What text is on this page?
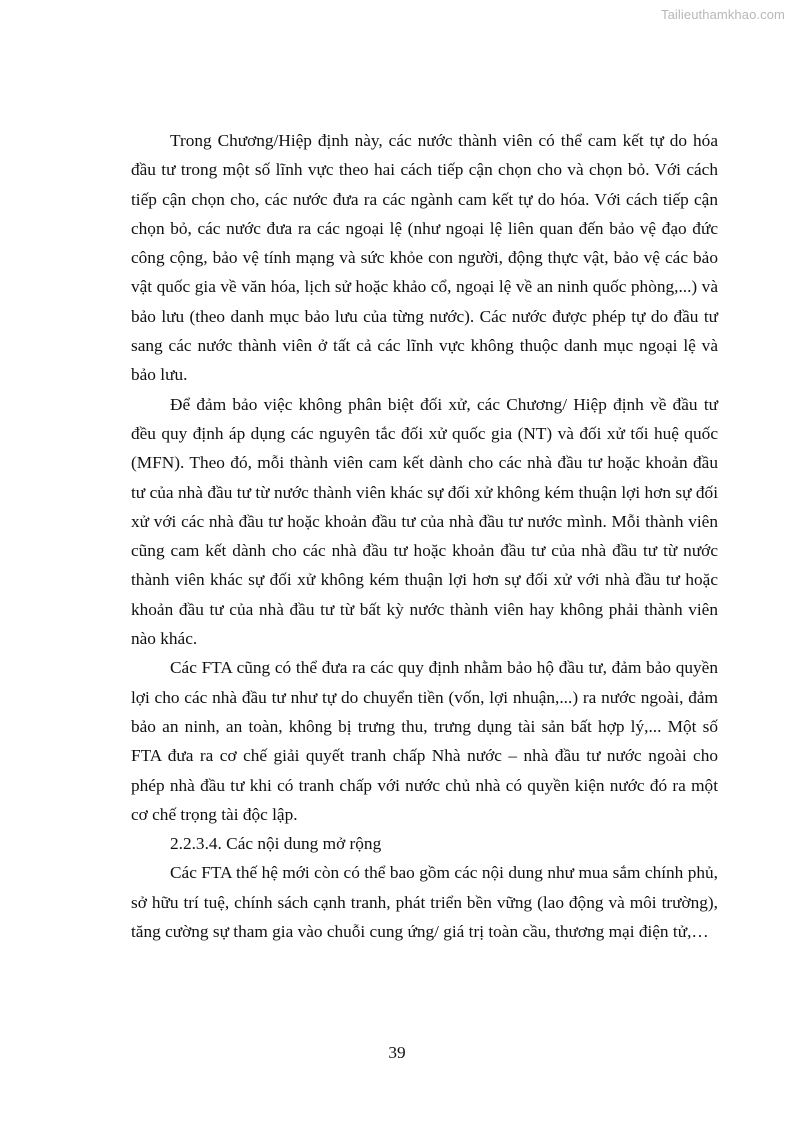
Tailieuthamkhao.com

Trong Chương/Hiệp định này, các nước thành viên có thể cam kết tự do hóa đầu tư trong một số lĩnh vực theo hai cách tiếp cận chọn cho và chọn bỏ. Với cách tiếp cận chọn cho, các nước đưa ra các ngành cam kết tự do hóa. Với cách tiếp cận chọn bỏ, các nước đưa ra các ngoại lệ (như ngoại lệ liên quan đến bảo vệ đạo đức công cộng, bảo vệ tính mạng và sức khỏe con người, động thực vật, bảo vệ các bảo vật quốc gia về văn hóa, lịch sử hoặc khảo cổ, ngoại lệ về an ninh quốc phòng,...) và bảo lưu (theo danh mục bảo lưu của từng nước). Các nước được phép tự do đầu tư sang các nước thành viên ở tất cả các lĩnh vực không thuộc danh mục ngoại lệ và bảo lưu.

Để đảm bảo việc không phân biệt đối xử, các Chương/ Hiệp định về đầu tư đều quy định áp dụng các nguyên tắc đối xử quốc gia (NT) và đối xử tối huệ quốc (MFN). Theo đó, mỗi thành viên cam kết dành cho các nhà đầu tư hoặc khoản đầu tư của nhà đầu tư từ nước thành viên khác sự đối xử không kém thuận lợi hơn sự đối xử với các nhà đầu tư hoặc khoản đầu tư của nhà đầu tư nước mình. Mỗi thành viên cũng cam kết dành cho các nhà đầu tư hoặc khoản đầu tư của nhà đầu tư từ nước thành viên khác sự đối xử không kém thuận lợi hơn sự đối xử với nhà đầu tư hoặc khoản đầu tư của nhà đầu tư từ bất kỳ nước thành viên hay không phải thành viên nào khác.

Các FTA cũng có thể đưa ra các quy định nhằm bảo hộ đầu tư, đảm bảo quyền lợi cho các nhà đầu tư như tự do chuyển tiền (vốn, lợi nhuận,...) ra nước ngoài, đảm bảo an ninh, an toàn, không bị trưng thu, trưng dụng tài sản bất hợp lý,... Một số FTA đưa ra cơ chế giải quyết tranh chấp Nhà nước – nhà đầu tư nước ngoài cho phép nhà đầu tư khi có tranh chấp với nước chủ nhà có quyền kiện nước đó ra một cơ chế trọng tài độc lập.

2.2.3.4. Các nội dung mở rộng

Các FTA thế hệ mới còn có thể bao gồm các nội dung như mua sắm chính phủ, sở hữu trí tuệ, chính sách cạnh tranh, phát triển bền vững (lao động và môi trường), tăng cường sự tham gia vào chuỗi cung ứng/ giá trị toàn cầu, thương mại điện tử,…

39
